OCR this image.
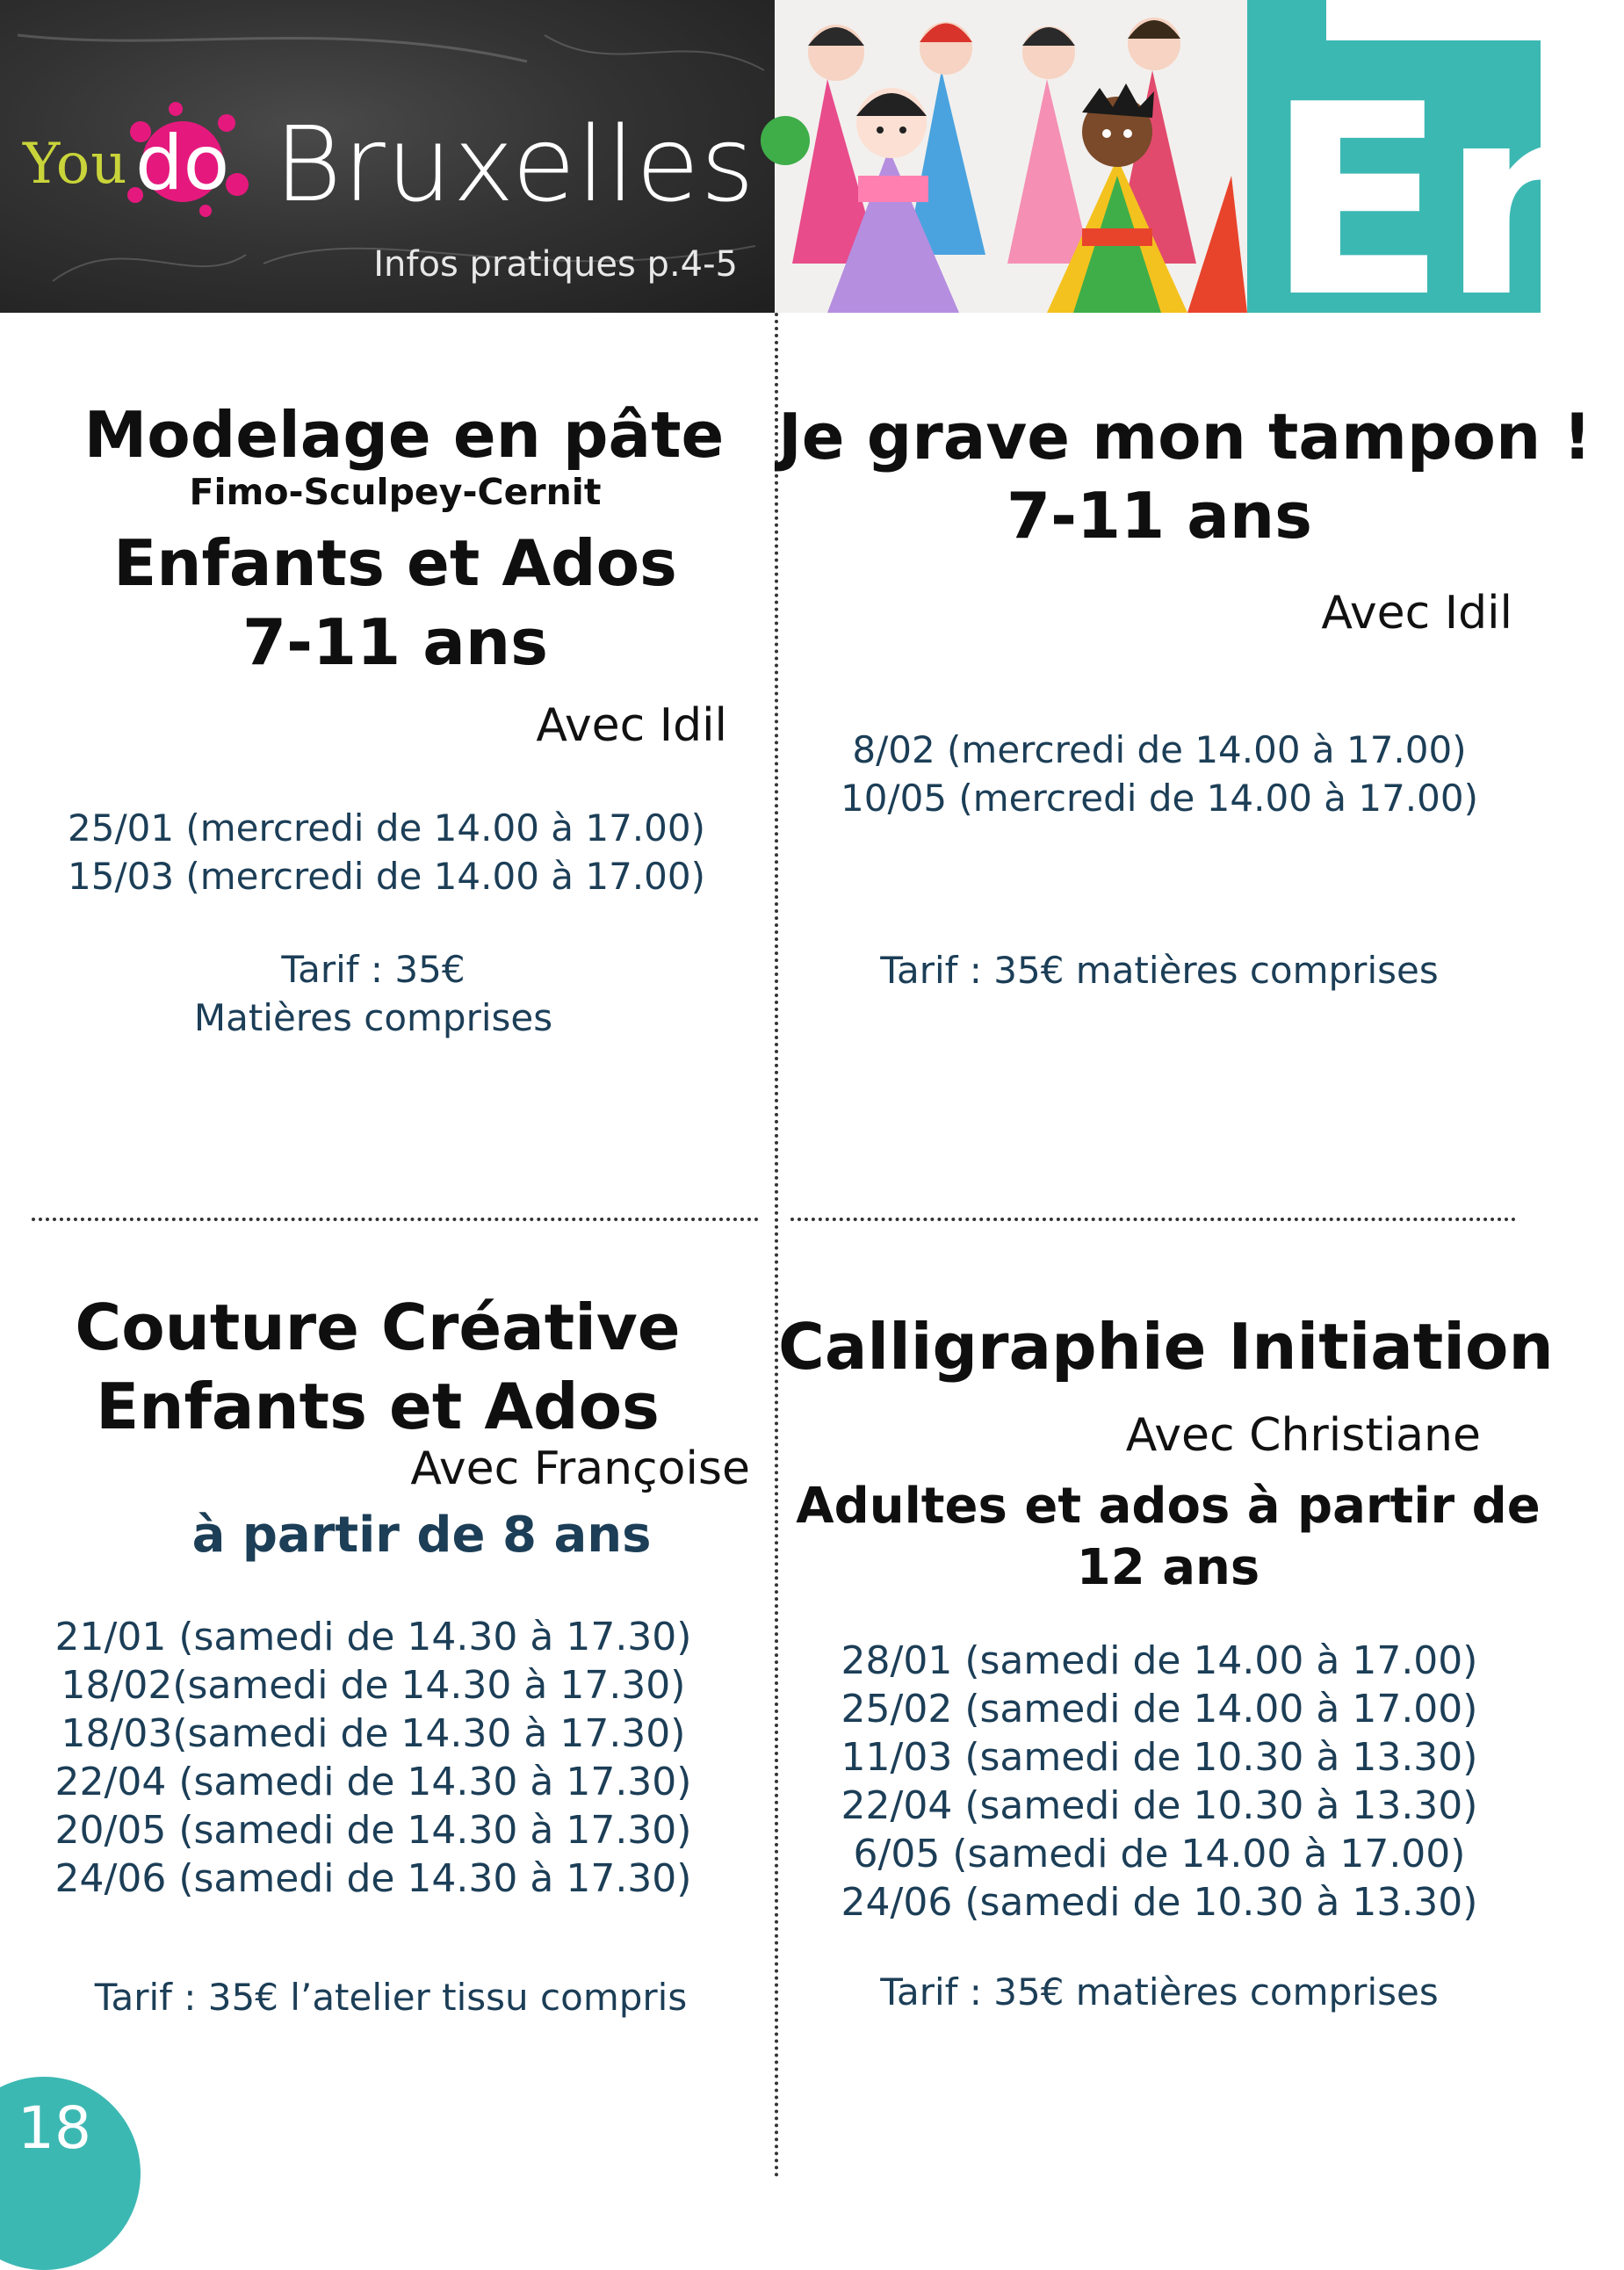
You do Bruxelles
Infos pratiques p.4-5 En

Modelage en pâte

Fimo-Sculpey-Cernit

Enfants et Ados

7-11 ans

Avec Idil
25/01 (mercredi de 14.00 à 17.00)
15/03 (mercredi de 14.00 à 17.00)
Tarif : 35€
Matières comprises

Je grave mon tampon !

7-11 ans

Avec Idil
8/02 (mercredi de 14.00 à 17.00)
10/05 (mercredi de 14.00 à 17.00)
Tarif : 35€ matières comprises

Couture Créative

Enfants et Ados

Avec Françoise

à partir de 8 ans

21/01 (samedi de 14.30 à 17.30)
18/02(samedi de 14.30 à 17.30)
18/03(samedi de 14.30 à 17.30)
22/04 (samedi de 14.30 à 17.30)
20/05 (samedi de 14.30 à 17.30)
24/06 (samedi de 14.30 à 17.30)
Tarif : 35€ l’atelier tissu compris

Calligraphie Initiation

Avec Christiane

Adultes et ados à partir de

12 ans

28/01 (samedi de 14.00 à 17.00)
25/02 (samedi de 14.00 à 17.00)
11/03 (samedi de 10.30 à 13.30)
22/04 (samedi de 10.30 à 13.30)
6/05 (samedi de 14.00 à 17.00)
24/06 (samedi de 10.30 à 13.30)
Tarif : 35€ matières comprises
18
